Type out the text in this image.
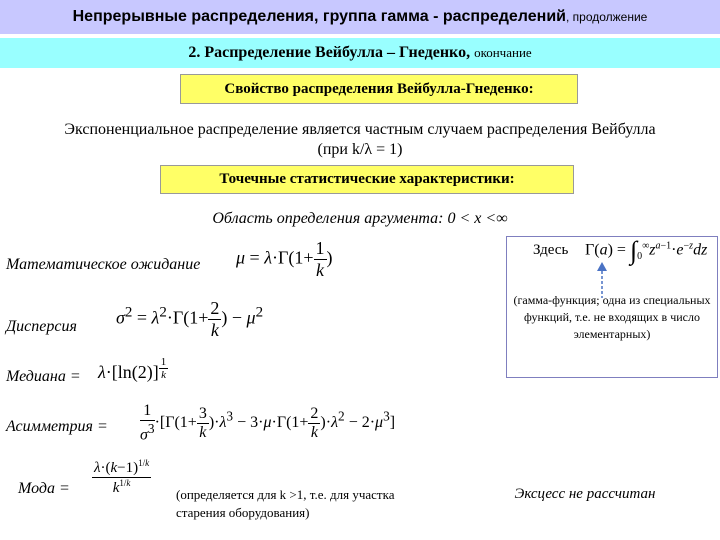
Непрерывные распределения, группа гамма - распределений, продолжение
2. Распределение Вейбулла – Гнеденко, окончание
Свойство распределения Вейбулла-Гнеденко:
Экспоненциальное распределение является частным случаем распределения Вейбулла
(при k/λ = 1)
Точечные статистические характеристики:
Область определения аргумента: 0 < x <∞
Математическое ожидание $\mu = \lambda\cdot\Gamma(1+ \frac{1}{k}$ )	Здесь $\Gamma(a) = \int_0^\infty z^{a-1}\cdot e^{-z}dz$
(гамма-функция; одна из специальных функций, т.е. не входящих в число элементарных)
Дисперсия $\sigma^2 = \lambda^2\cdot\Gamma(1+ \frac{2}{k}$ ) − $\mu^2$
Медиана = λ·[ln(2)] $^{\frac{1}{k}}$
Асимметрия = $\frac{1}{\sigma^3} \cdot[\Gamma(1+ \frac{3}{k} )\cdot\lambda^3 - 3\cdot\mu\cdot\Gamma(1+ \frac{2}{k} )\cdot\lambda^2 - 2\cdot\mu^3]$
Мода = $\frac{\lambda\cdot(k-1)^{1/k}}{k^{1/k}}$ (определяется для k >1, т.е. для участка старения оборудования)
Эксцесс не рассчитан
